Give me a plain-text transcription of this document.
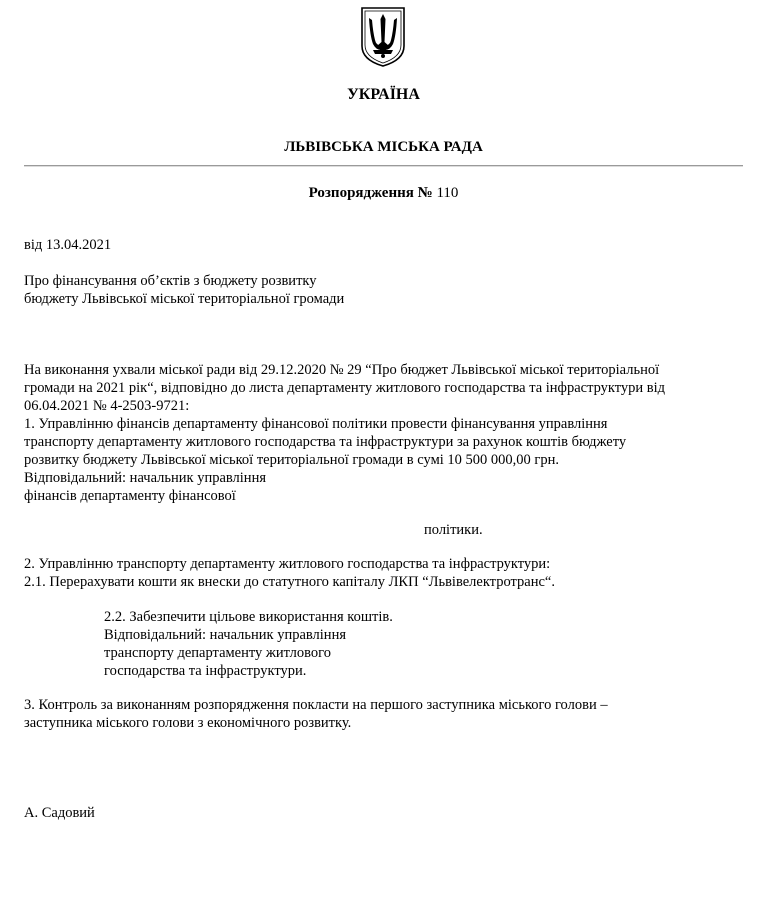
УКРАЇНА
ЛЬВІВСЬКА МІСЬКА РАДА
Розпорядження № 110
від 13.04.2021
Про фінансування об’єктів з бюджету розвитку
бюджету Львівської міської територіальної громади
На виконання ухвали міської ради від 29.12.2020 № 29 “Про бюджет Львівської міської територіальної
громади на 2021 рік“, відповідно до листа департаменту житлового господарства та інфраструктури від
06.04.2021 № 4-2503-9721:
1. Управлінню фінансів департаменту фінансової політики провести фінансування управління
транспорту департаменту житлового господарства та інфраструктури за рахунок коштів бюджету
розвитку бюджету Львівської міської територіальної громади в сумі 10 500 000,00 грн.
Відповідальний: начальник управління
фінансів департаменту фінансової
політики.
2. Управлінню транспорту департаменту житлового господарства та інфраструктури:
2.1. Перерахувати кошти як внески до статутного капіталу ЛКП “Львівелектротранс“.
2.2. Забезпечити цільове використання коштів.
Відповідальний: начальник управління
транспорту департаменту житлового
господарства та інфраструктури.
3. Контроль за виконанням розпорядження покласти на першого заступника міського голови –
заступника міського голови з економічного розвитку.
А. Садовий
